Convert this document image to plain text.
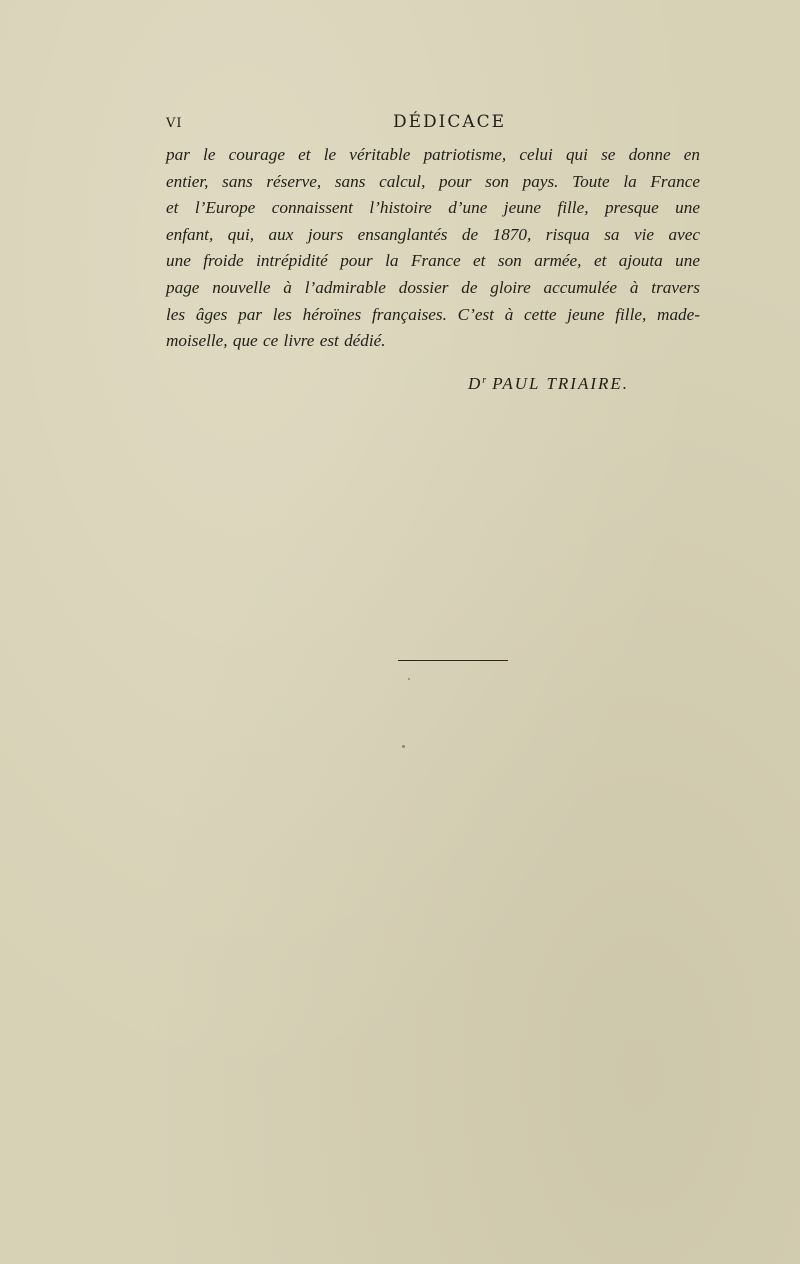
VI	DÉDICACE

par le courage et le véritable patriotisme, celui qui se donne en
entier, sans réserve, sans calcul, pour son pays. Toute la France
et l’Europe connaissent l’histoire d’une jeune fille, presque une
enfant, qui, aux jours ensanglantés de 1870, risqua sa vie avec
une froide intrépidité pour la France et son armée, et ajouta une
page nouvelle à l’admirable dossier de gloire accumulée à travers
les âges par les héroïnes françaises. C’est à cette jeune fille, made-
moiselle, que ce livre est dédié.

$D^r$ PAUL TRIAIRE.
